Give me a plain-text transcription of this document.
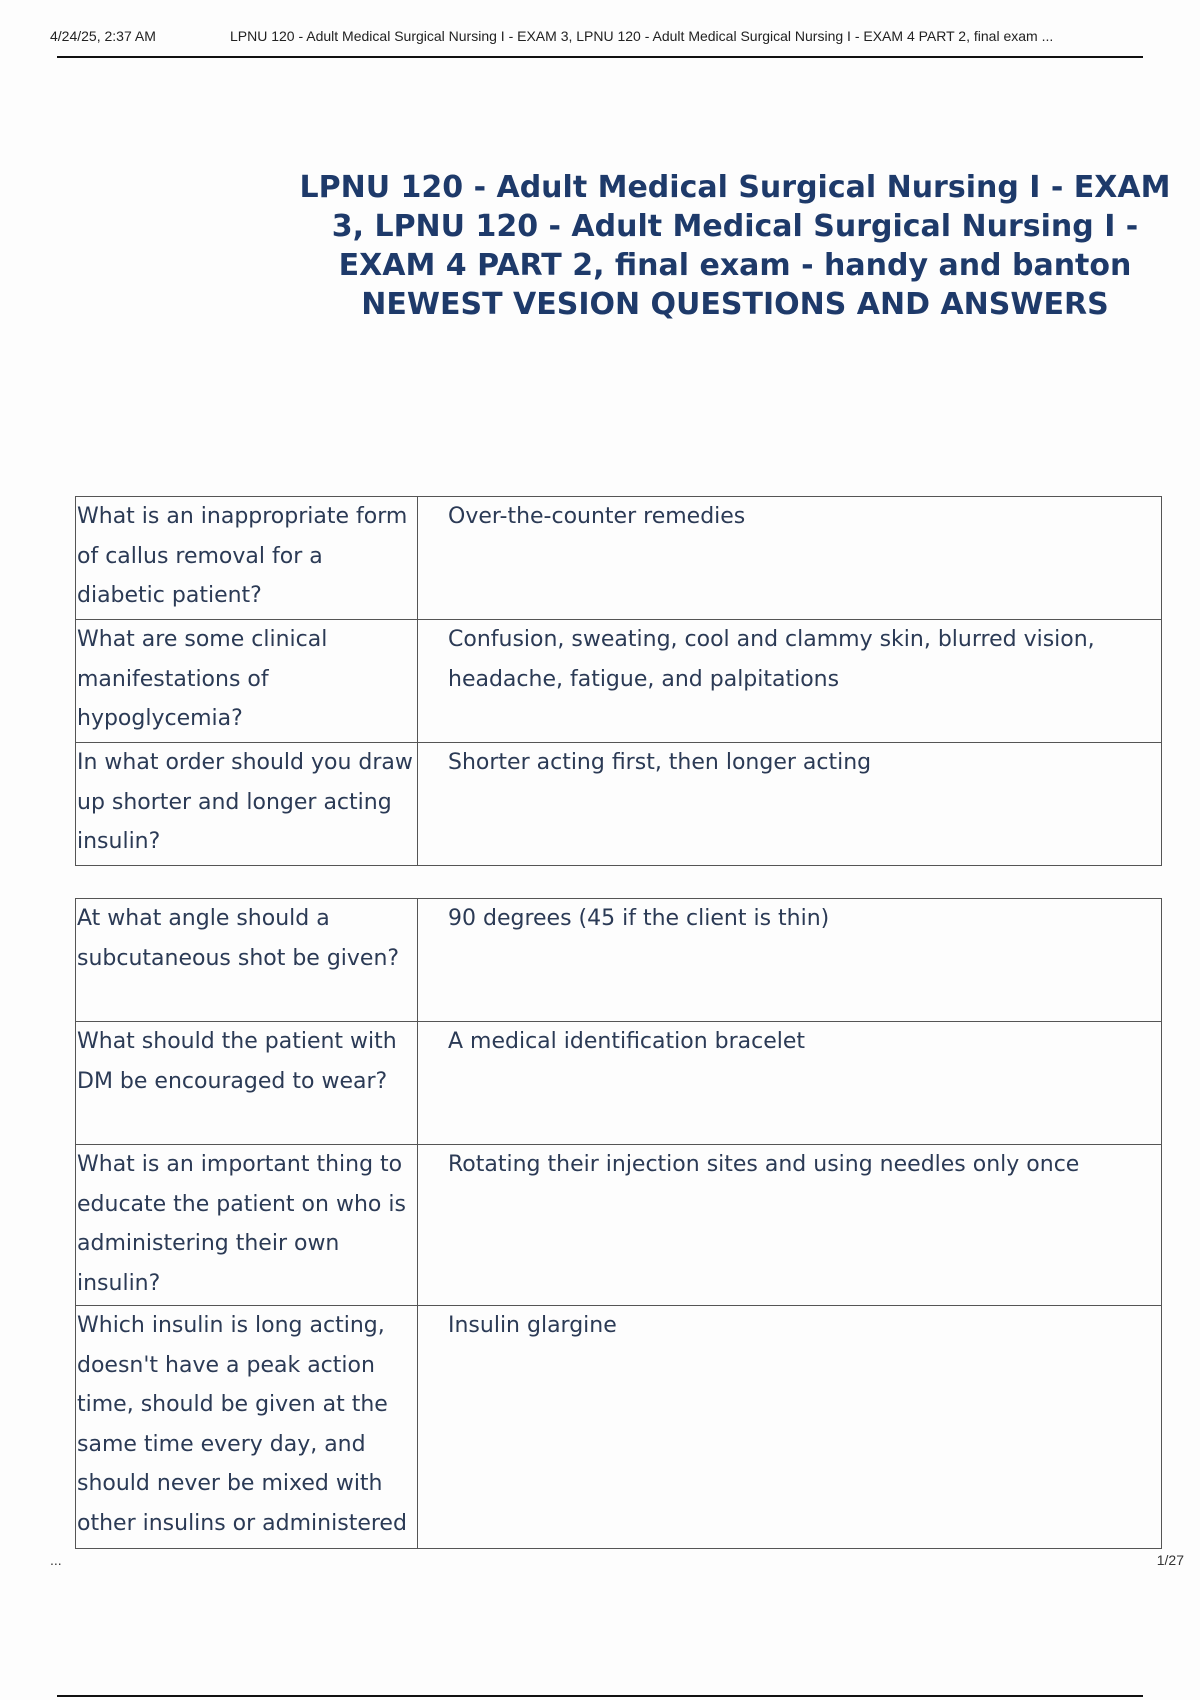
4/24/25, 2:37 AM	LPNU 120 - Adult Medical Surgical Nursing I - EXAM 3, LPNU 120 - Adult Medical Surgical Nursing I - EXAM 4 PART 2, final exam ...
LPNU 120 - Adult Medical Surgical Nursing I - EXAM 3, LPNU 120 - Adult Medical Surgical Nursing I - EXAM 4 PART 2, final exam - handy and banton NEWEST VESION QUESTIONS AND ANSWERS
What is an inappropriate form of callus removal for a diabetic patient?	Over-the-counter remedies

What are some clinical manifestations of hypoglycemia?	Confusion, sweating, cool and clammy skin, blurred vision, headache, fatigue, and palpitations

In what order should you draw up shorter and longer acting insulin?	Shorter acting first, then longer acting
At what angle should a subcutaneous shot be given?	90 degrees (45 if the client is thin)

What should the patient with DM be encouraged to wear?	A medical identification bracelet

What is an important thing to educate the patient on who is administering their own insulin?	Rotating their injection sites and using needles only once

Which insulin is long acting, doesn't have a peak action time, should be given at the same time every day, and should never be mixed with other insulins or administered	Insulin glargine
...	1/27
